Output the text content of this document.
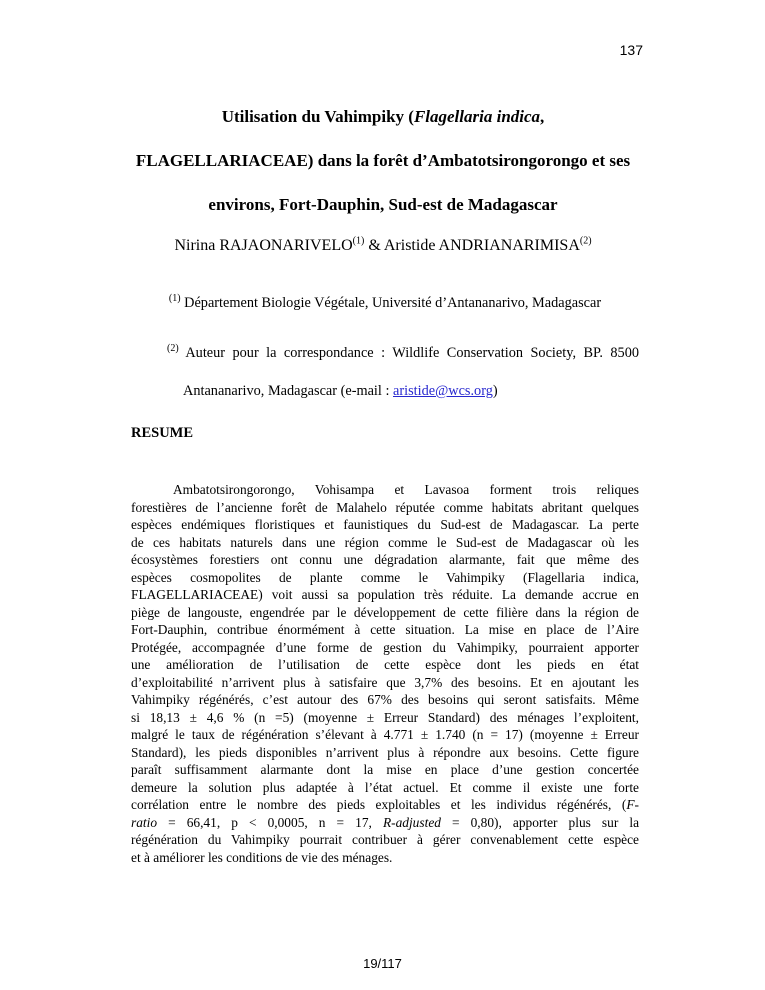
137
Utilisation du Vahimpiky (Flagellaria indica,
FLAGELLARIACEAE) dans la forêt d’Ambatotsirongorongo et ses
environs, Fort-Dauphin, Sud-est de Madagascar
Nirina RAJAONARIVELO$^{(1)}$ & Aristide ANDRIANARIMISA$^{(2)}$
$^{(1)}$ Département Biologie Végétale, Université d’Antananarivo, Madagascar
$^{(2)}$ Auteur pour la correspondance : Wildlife Conservation Society, BP. 8500
Antananarivo, Madagascar (e-mail : aristide@wcs.org)
RESUME
Ambatotsirongorongo, Vohisampa et Lavasoa forment trois reliques
forestières de l’ancienne forêt de Malahelo réputée comme habitats abritant quelques
espèces endémiques floristiques et faunistiques du Sud-est de Madagascar. La perte
de ces habitats naturels dans une région comme le Sud-est de Madagascar où les
écosystèmes forestiers ont connu une dégradation alarmante, fait que même des
espèces cosmopolites de plante comme le Vahimpiky (Flagellaria indica,
FLAGELLARIACEAE) voit aussi sa population très réduite. La demande accrue en
piège de langouste, engendrée par le développement de cette filière dans la région de
Fort-Dauphin, contribue énormément à cette situation. La mise en place de l’Aire
Protégée, accompagnée d’une forme de gestion du Vahimpiky, pourraient apporter
une amélioration de l’utilisation de cette espèce dont les pieds en état
d’exploitabilité n’arrivent plus à satisfaire que 3,7% des besoins. Et en ajoutant les
Vahimpiky régénérés, c’est autour des 67% des besoins qui seront satisfaits. Même
si 18,13 ± 4,6 % (n =5) (moyenne ± Erreur Standard) des ménages l’exploitent,
malgré le taux de régénération s’élevant à 4.771 ± 1.740 (n = 17) (moyenne ± Erreur
Standard), les pieds disponibles n’arrivent plus à répondre aux besoins. Cette figure
paraît suffisamment alarmante dont la mise en place d’une gestion concertée
demeure la solution plus adaptée à l’état actuel. Et comme il existe une forte
corrélation entre le nombre des pieds exploitables et les individus régénérés, (F-
ratio = 66,41, p < 0,0005, n = 17, R-adjusted = 0,80), apporter plus sur la
régénération du Vahimpiky pourrait contribuer à gérer convenablement cette espèce
et à améliorer les conditions de vie des ménages.
19/117
